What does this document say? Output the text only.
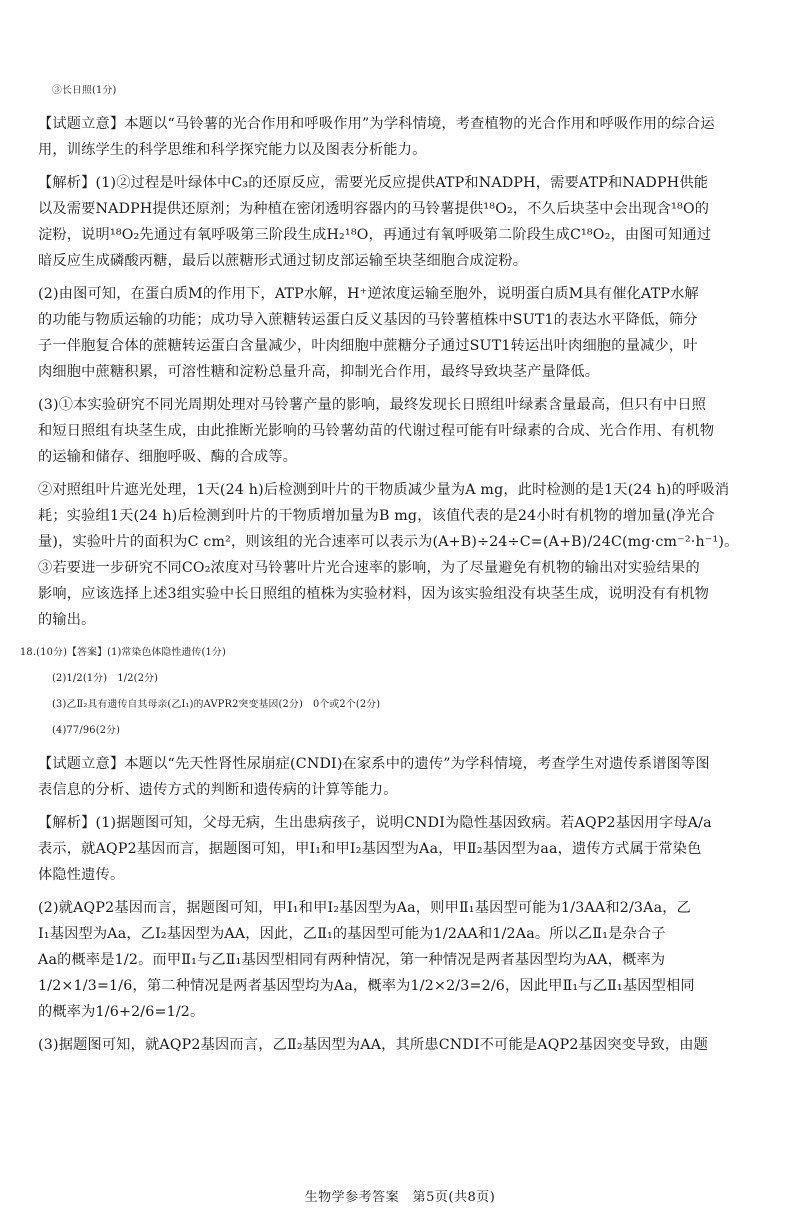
③长日照(1分)
【试题立意】本题以“马铃薯的光合作用和呼吸作用”为学科情境，考查植物的光合作用和呼吸作用的综合运
用，训练学生的科学思维和科学探究能力以及图表分析能力。
【解析】(1)②过程是叶绿体中C₃的还原反应，需要光反应提供ATP和NADPH，需要ATP和NADPH供能
以及需要NADPH提供还原剂；为种植在密闭透明容器内的马铃薯提供¹⁸O₂，不久后块茎中会出现含¹⁸O的
淀粉，说明¹⁸O₂先通过有氧呼吸第三阶段生成H₂¹⁸O，再通过有氧呼吸第二阶段生成C¹⁸O₂，由图可知通过
暗反应生成磷酸丙糖，最后以蔗糖形式通过韧皮部运输至块茎细胞合成淀粉。
(2)由图可知，在蛋白质M的作用下，ATP水解，H⁺逆浓度运输至胞外，说明蛋白质M具有催化ATP水解
的功能与物质运输的功能；成功导入蔗糖转运蛋白反义基因的马铃薯植株中SUT1的表达水平降低，筛分
子一伴胞复合体的蔗糖转运蛋白含量减少，叶肉细胞中蔗糖分子通过SUT1转运出叶肉细胞的量减少，叶
肉细胞中蔗糖积累，可溶性糖和淀粉总量升高，抑制光合作用，最终导致块茎产量降低。
(3)①本实验研究不同光周期处理对马铃薯产量的影响，最终发现长日照组叶绿素含量最高，但只有中日照
和短日照组有块茎生成，由此推断光影响的马铃薯幼苗的代谢过程可能有叶绿素的合成、光合作用、有机物
的运输和储存、细胞呼吸、酶的合成等。
②对照组叶片遮光处理，1天(24 h)后检测到叶片的干物质减少量为A mg，此时检测的是1天(24 h)的呼吸消
耗；实验组1天(24 h)后检测到叶片的干物质增加量为B mg，该值代表的是24小时有机物的增加量(净光合
量)，实验叶片的面积为C cm²，则该组的光合速率可以表示为(A+B)÷24÷C=(A+B)/24C(mg·cm⁻²·h⁻¹)。
③若要进一步研究不同CO₂浓度对马铃薯叶片光合速率的影响，为了尽量避免有机物的输出对实验结果的
影响，应该选择上述3组实验中长日照组的植株为实验材料，因为该实验组没有块茎生成，说明没有有机物
的输出。
18.(10分)【答案】(1)常染色体隐性遗传(1分)
(2)1/2(1分)　1/2(2分)
(3)乙Ⅱ₂具有遗传自其母亲(乙Ⅰ₁)的AVPR2突变基因(2分)　0个或2个(2分)
(4)77/96(2分)
【试题立意】本题以“先天性肾性尿崩症(CNDI)在家系中的遗传”为学科情境，考查学生对遗传系谱图等图
表信息的分析、遗传方式的判断和遗传病的计算等能力。
【解析】(1)据题图可知，父母无病，生出患病孩子，说明CNDI为隐性基因致病。若AQP2基因用字母A/a
表示，就AQP2基因而言，据题图可知，甲Ⅰ₁和甲Ⅰ₂基因型为Aa，甲Ⅱ₂基因型为aa，遗传方式属于常染色
体隐性遗传。
(2)就AQP2基因而言，据题图可知，甲Ⅰ₁和甲Ⅰ₂基因型为Aa，则甲Ⅱ₁基因型可能为1/3AA和2/3Aa，乙
Ⅰ₁基因型为Aa，乙Ⅰ₂基因型为AA，因此，乙Ⅱ₁的基因型可能为1/2AA和1/2Aa。所以乙Ⅱ₁是杂合子
Aa的概率是1/2。而甲Ⅱ₁与乙Ⅱ₁基因型相同有两种情况，第一种情况是两者基因型均为AA，概率为
1/2×1/3=1/6，第二种情况是两者基因型均为Aa，概率为1/2×2/3=2/6，因此甲Ⅱ₁与乙Ⅱ₁基因型相同
的概率为1/6+2/6=1/2。
(3)据题图可知，就AQP2基因而言，乙Ⅱ₂基因型为AA，其所患CNDI不可能是AQP2基因突变导致，由题
生物学参考答案　第5页(共8页)
